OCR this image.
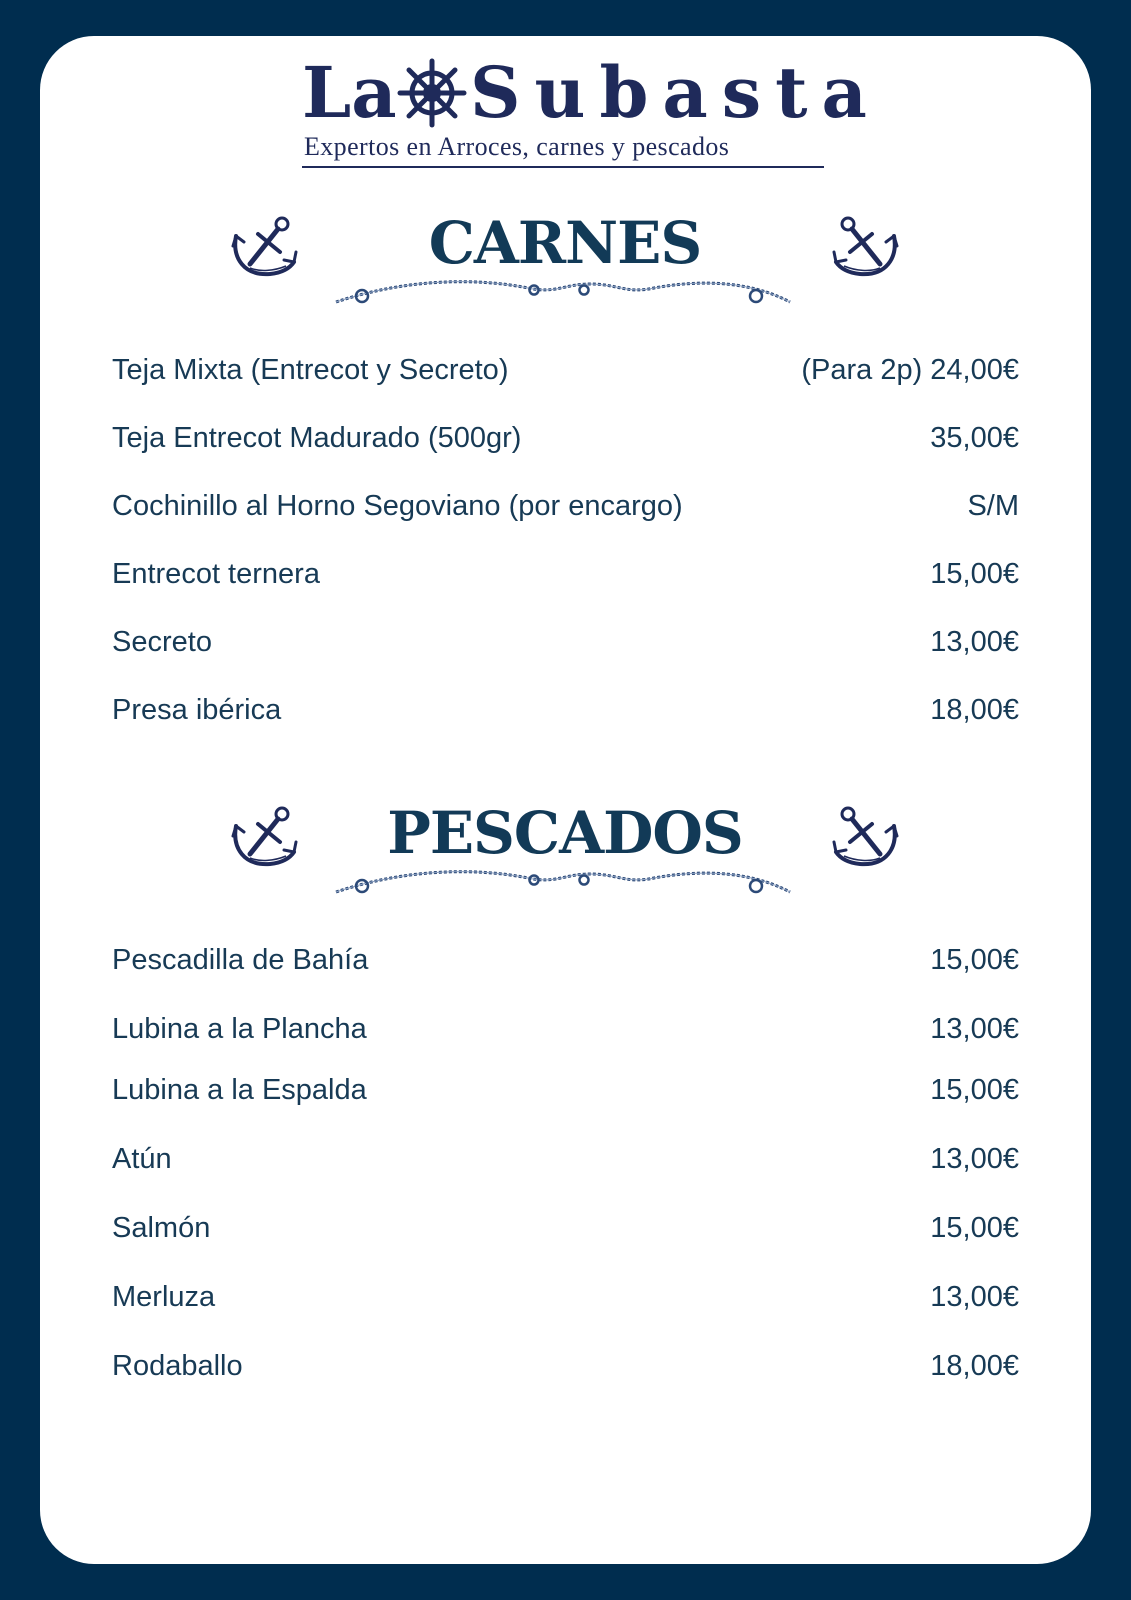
La Subasta
Expertos en Arroces, carnes y pescados
CARNES
Teja Mixta (Entrecot y Secreto)	(Para 2p) 24,00€
Teja Entrecot Madurado (500gr)	35,00€
Cochinillo al Horno Segoviano (por encargo)	S/M
Entrecot ternera	15,00€
Secreto	13,00€
Presa ibérica	18,00€
PESCADOS
Pescadilla de Bahía	15,00€
Lubina a la Plancha	13,00€
Lubina a la Espalda	15,00€
Atún	13,00€
Salmón	15,00€
Merluza	13,00€
Rodaballo	18,00€
